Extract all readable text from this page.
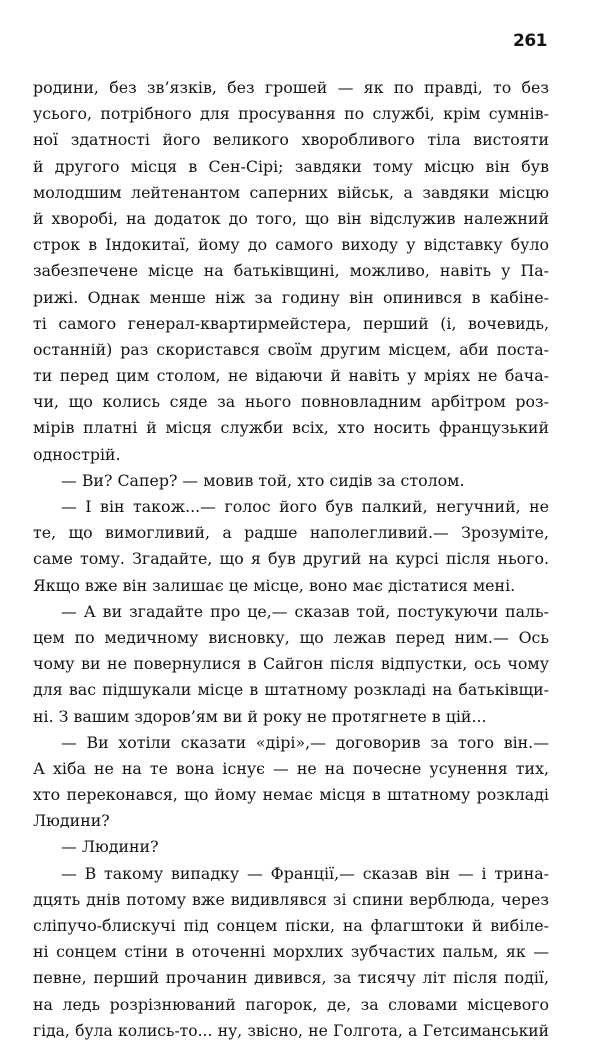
261
родини, без зв’язків, без грошей — як по правді, то без
усього, потрібного для просування по службі, крім сумнів-
ної здатності його великого хворобливого тіла вистояти
й другого місця в Сен-Сірі; завдяки тому місцю він був
молодшим лейтенантом саперних військ, а завдяки місцю
й хворобі, на додаток до того, що він відслужив належний
строк в Індокитаї, йому до самого виходу у відставку було
забезпечене місце на батьківщині, можливо, навіть у Па-
рижі. Однак менше ніж за годину він опинився в кабіне-
ті самого генерал-квартирмейстера, перший (і, вочевидь,
останній) раз скористався своїм другим місцем, аби поста-
ти перед цим столом, не відаючи й навіть у мріях не бача-
чи, що колись сяде за нього повновладним арбітром роз-
мірів платні й місця служби всіх, хто носить французький
однострій.
— Ви? Сапер? — мовив той, хто сидів за столом.
— І він також...— голос його був палкий, негучний, не
те, що вимогливий, а радше наполегливий.— Зрозуміте,
саме тому. Згадайте, що я був другий на курсі після нього.
Якщо вже він залишає це місце, воно має дістатися мені.
— А ви згадайте про це,— сказав той, постукуючи паль-
цем по медичному висновку, що лежав перед ним.— Ось
чому ви не повернулися в Сайгон після відпустки, ось чому
для вас підшукали місце в штатному розкладі на батьківщи-
ні. З вашим здоров’ям ви й року не протягнете в цій...
— Ви хотіли сказати «дірі»,— договорив за того він.—
А хіба не на те вона існує — не на почесне усунення тих,
хто переконався, що йому немає місця в штатному розкладі
Людини?
— Людини?
— В такому випадку — Франції,— сказав він — і трина-
дцять днів потому вже видивлявся зі спини верблюда, через
сліпучо-блискучі під сонцем піски, на флагштоки й вибіле-
ні сонцем стіни в оточенні морхлих зубчастих пальм, як —
певне, перший прочанин дивився, за тисячу літ після події,
на ледь розрізнюваний пагорок, де, за словами місцевого
гіда, була колись-то... ну, звісно, не Голгота, а Гетсиманський
